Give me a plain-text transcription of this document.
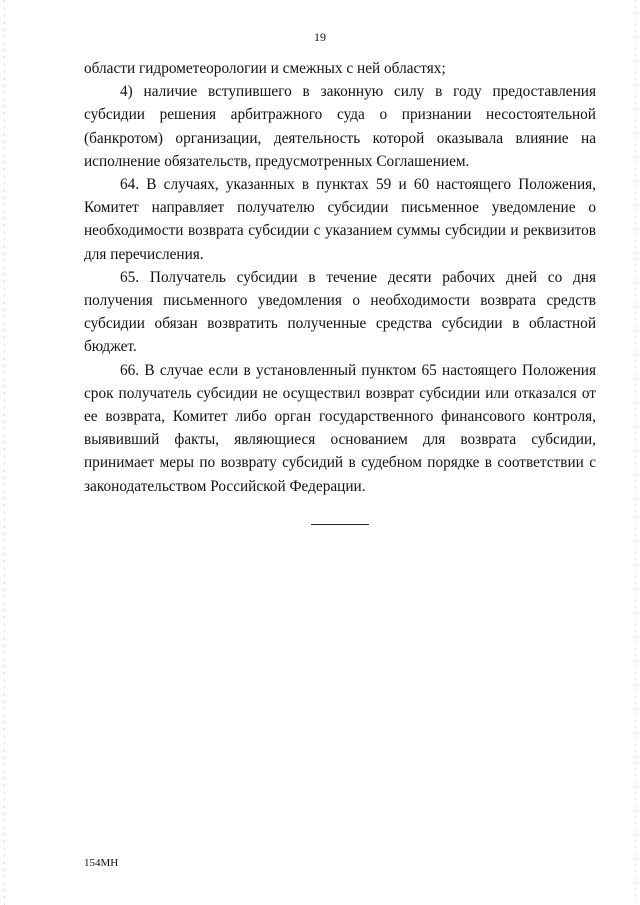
19

области гидрометеорологии и смежных с ней областях;

4) наличие вступившего в законную силу в году предоставления субсидии решения арбитражного суда о признании несостоятельной (банкротом) организации, деятельность которой оказывала влияние на исполнение обязательств, предусмотренных Соглашением.

64. В случаях, указанных в пунктах 59 и 60 настоящего Положения, Комитет направляет получателю субсидии письменное уведомление о необходимости возврата субсидии с указанием суммы субсидии и реквизитов для перечисления.

65. Получатель субсидии в течение десяти рабочих дней со дня получения письменного уведомления о необходимости возврата средств субсидии обязан возвратить полученные средства субсидии в областной бюджет.

66. В случае если в установленный пунктом 65 настоящего Положения срок получатель субсидии не осуществил возврат субсидии или отказался от ее возврата, Комитет либо орган государственного финансового контроля, выявивший факты, являющиеся основанием для возврата субсидии, принимает меры по возврату субсидий в судебном порядке в соответствии с законодательством Российской Федерации.

154МН
